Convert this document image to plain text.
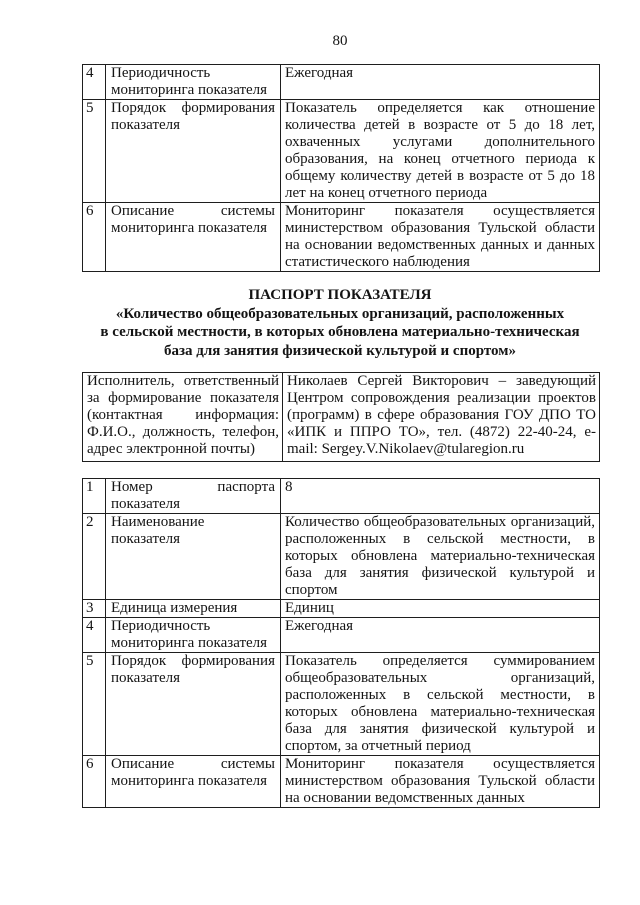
80
4	Периодичность мониторинга показателя	Ежегодная
5	Порядок формирования показателя	Показатель определяется как отношение количества детей в возрасте от 5 до 18 лет, охваченных услугами дополнительного образования, на конец отчетного периода к общему количеству детей в возрасте от 5 до 18 лет на конец отчетного периода
6	Описание системы мониторинга показателя	Мониторинг показателя осуществляется министерством образования Тульской области на основании ведомственных данных и данных статистического наблюдения
ПАСПОРТ ПОКАЗАТЕЛЯ
«Количество общеобразовательных организаций, расположенных
в сельской местности, в которых обновлена материально-техническая
база для занятия физической культурой и спортом»
Исполнитель, ответственный за формирование показателя (контактная информация: Ф.И.О., должность, телефон, адрес электронной почты)	Николаев Сергей Викторович – заведующий Центром сопровождения реализации проектов (программ) в сфере образования ГОУ ДПО ТО «ИПК и ППРО ТО», тел. (4872) 22-40-24, e-mail: Sergey.V.Nikolaev@tularegion.ru
1	Номер паспорта показателя	8
2	Наименование показателя	Количество общеобразовательных организаций, расположенных в сельской местности, в которых обновлена материально-техническая база для занятия физической культурой и спортом
3	Единица измерения	Единиц
4	Периодичность мониторинга показателя	Ежегодная
5	Порядок формирования показателя	Показатель определяется суммированием общеобразовательных организаций, расположенных в сельской местности, в которых обновлена материально-техническая база для занятия физической культурой и спортом, за отчетный период
6	Описание системы мониторинга показателя	Мониторинг показателя осуществляется министерством образования Тульской области на основании ведомственных данных
